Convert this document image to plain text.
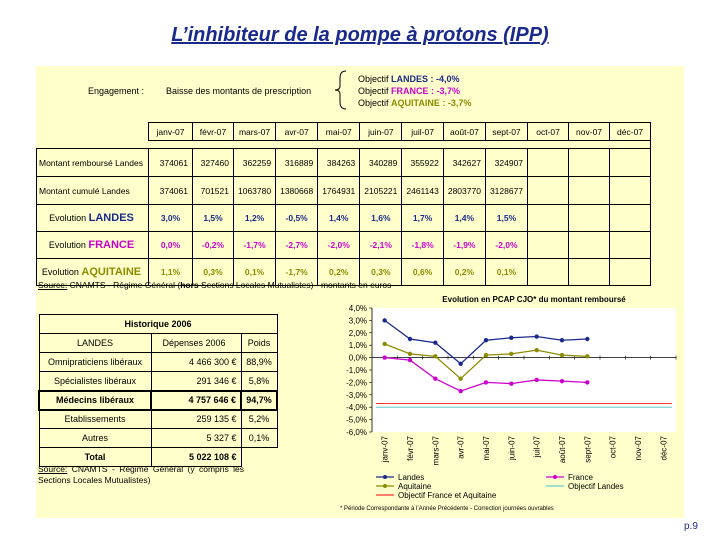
L’inhibiteur de la pompe à protons (IPP)
Engagement : Baisse des montants de prescription
Objectif LANDES : -4,0%
Objectif FRANCE : -3,7%
Objectif AQUITAINE : -3,7%
	janv-07	févr-07	mars-07	avr-07	mai-07	juin-07	juil-07	août-07	sept-07	oct-07	nov-07	déc-07

Montant remboursé Landes	374061	327460	362259	316889	384263	340289	355922	342627	324907			
Montant cumulé Landes	374061	701521	1063780	1380668	1764931	2105221	2461143	2803770	3128677			
Evolution LANDES	3,0%	1,5%	1,2%	-0,5%	1,4%	1,6%	1,7%	1,4%	1,5%			
Evolution FRANCE	0,0%	-0,2%	-1,7%	-2,7%	-2,0%	-2,1%	-1,8%	-1,9%	-2,0%			
Evolution AQUITAINE	1,1%	0,3%	0,1%	-1,7%	0,2%	0,3%	0,6%	0,2%	0,1%			
Source: CNAMTS - Régime Général (hors Sections Locales Mutualistes) - montants en euros
Historique 2006		
LANDES	Dépenses 2006	Poids
Omnipraticiens libéraux	4 466 300 €	88,9%
Spécialistes libéraux	291 346 €	5,8%
Médecins libéraux	4 757 646 €	94,7%
Etablissements	259 135 €	5,2%
Autres	5 327 €	0,1%
Total	5 022 108 €	
Source: CNAMTS - Régime Général (y compris les Sections Locales Mutualistes)
Evolution en PCAP CJO* du montant remboursé
4,0%
3,0%
2,0%
1,0%
0,0%
-1,0%
-2,0%
-3,0%
-4,0%
-5,0%
-6,0%
janv-07 févr-07 mars-07 avr-07 mai-07 juin-07 juil-07 août-07 sept-07 oct-07 nov-07 déc-07
Landes	France
Aquitaine	Objectif Landes
Objectif France et Aquitaine
* Période Correspondante à l’Année Précédente - Correction journées ouvrables
p.9
